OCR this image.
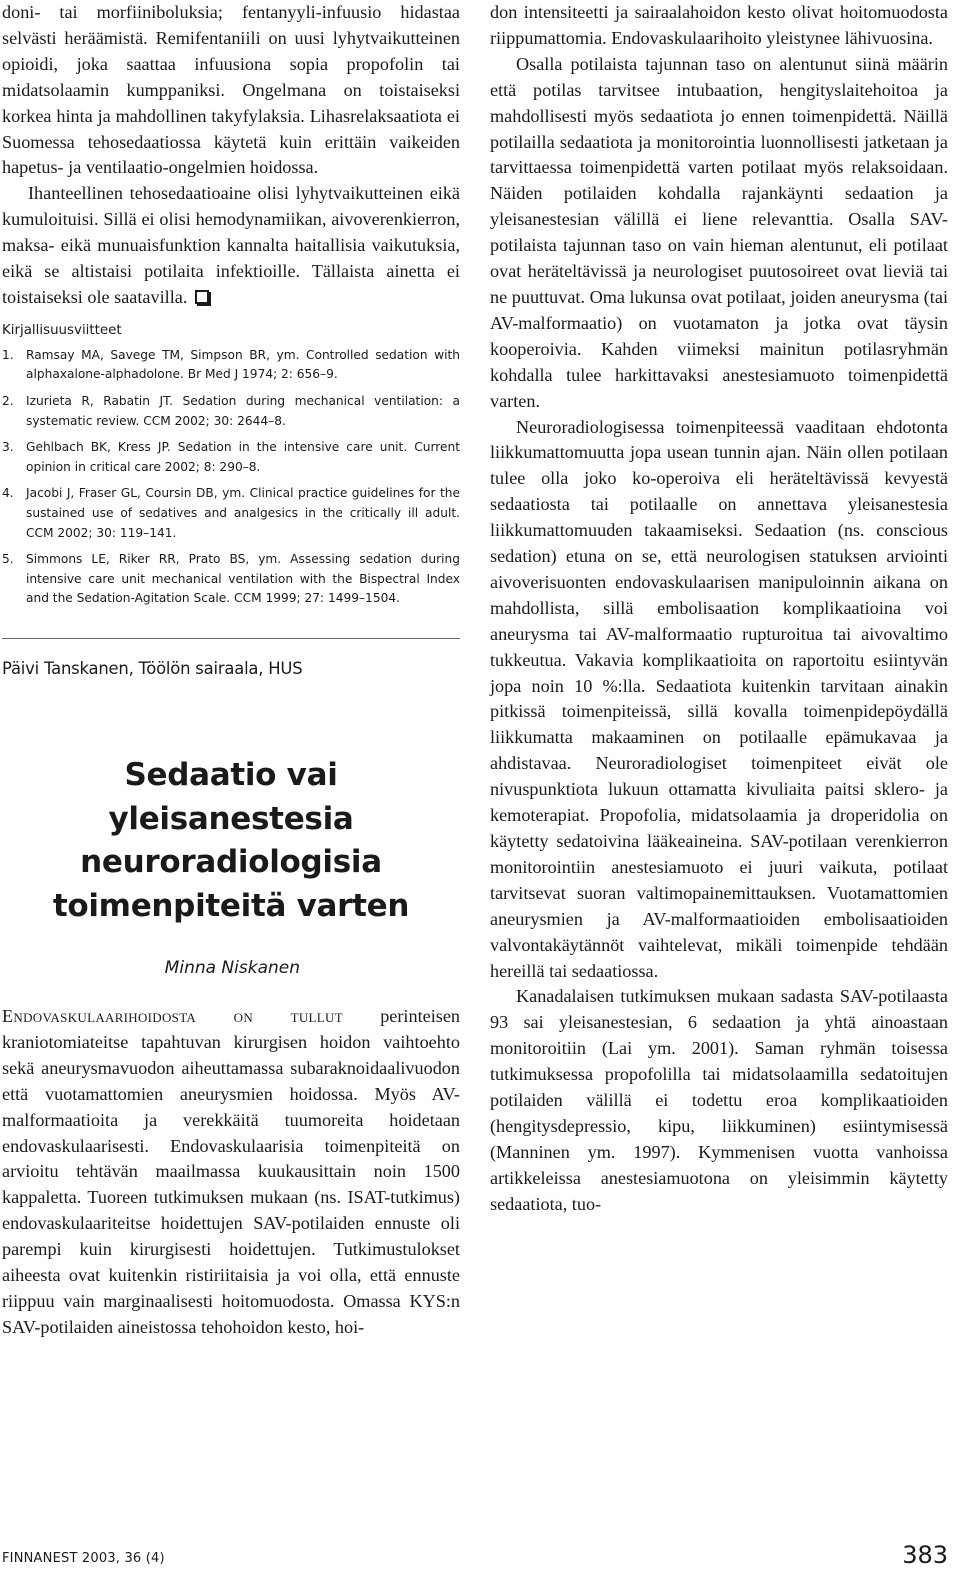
doni- tai morfiiniboluksia; fentanyyli-infuusio hidastaa selvästi heräämistä. Remifentaniili on uusi lyhytvaikutteinen opioidi, joka saattaa infuusiona sopia propofolin tai midatsolaamin kumppaniksi. Ongelmana on toistaiseksi korkea hinta ja mahdollinen takyfylaksia. Lihasrelaksaatiota ei Suomessa tehosedaatiossa käytetä kuin erittäin vaikeiden hapetus- ja ventilaatio-ongelmien hoidossa.

Ihanteellinen tehosedaatioaine olisi lyhytvaikutteinen eikä kumuloituisi. Sillä ei olisi hemodynamiikan, aivoverenkierron, maksa- eikä munuaisfunktion kannalta haitallisia vaikutuksia, eikä se altistaisi potilaita infektioille. Tällaista ainetta ei toistaiseksi ole saatavilla.

Kirjallisuusviitteet
1. Ramsay MA, Savege TM, Simpson BR, ym. Controlled sedation with alphaxalone-alphadolone. Br Med J 1974; 2: 656–9.
2. Izurieta R, Rabatin JT. Sedation during mechanical ventilation: a systematic review. CCM 2002; 30: 2644–8.
3. Gehlbach BK, Kress JP. Sedation in the intensive care unit. Current opinion in critical care 2002; 8: 290–8.
4. Jacobi J, Fraser GL, Coursin DB, ym. Clinical practice guidelines for the sustained use of sedatives and analgesics in the critically ill adult. CCM 2002; 30: 119–141.
5. Simmons LE, Riker RR, Prato BS, ym. Assessing sedation during intensive care unit mechanical ventilation with the Bispectral Index and the Sedation-Agitation Scale. CCM 1999; 27: 1499–1504.
Päivi Tanskanen, Töölön sairaala, HUS
Sedaatio vai yleisanestesia
neuroradiologisia
toimenpiteitä varten
Minna Niskanen

Endovaskulaarihoidosta on tullut perinteisen kraniotomiateitse tapahtuvan kirurgisen hoidon vaihtoehto sekä aneurysmavuodon aiheuttamassa subaraknoidaalivuodon että vuotamattomien aneurysmien hoidossa. Myös AV-malformaatioita ja verekkäitä tuumoreita hoidetaan endovaskulaarisesti. Endovaskulaarisia toimenpiteitä on arvioitu tehtävän maailmassa kuukausittain noin 1500 kappaletta. Tuoreen tutkimuksen mukaan (ns. ISAT-tutkimus) endovaskulaariteitse hoidettujen SAV-potilaiden ennuste oli parempi kuin kirurgisesti hoidettujen. Tutkimustulokset aiheesta ovat kuitenkin ristiriitaisia ja voi olla, että ennuste riippuu vain marginaalisesti hoitomuodosta. Omassa KYS:n SAV-potilaiden aineistossa tehohoidon kesto, hoi-

don intensiteetti ja sairaalahoidon kesto olivat hoitomuodosta riippumattomia. Endovaskulaarihoito yleistynee lähivuosina.

Osalla potilaista tajunnan taso on alentunut siinä määrin että potilas tarvitsee intubaation, hengityslaitehoitoa ja mahdollisesti myös sedaatiota jo ennen toimenpidettä. Näillä potilailla sedaatiota ja monitorointia luonnollisesti jatketaan ja tarvittaessa toimenpidettä varten potilaat myös relaksoidaan. Näiden potilaiden kohdalla rajankäynti sedaation ja yleisanestesian välillä ei liene relevanttia. Osalla SAV-potilaista tajunnan taso on vain hieman alentunut, eli potilaat ovat heräteltävissä ja neurologiset puutosoireet ovat lieviä tai ne puuttuvat. Oma lukunsa ovat potilaat, joiden aneurysma (tai AV-malformaatio) on vuotamaton ja jotka ovat täysin kooperoivia. Kahden viimeksi mainitun potilasryhmän kohdalla tulee harkittavaksi anestesiamuoto toimenpidettä varten.

Neuroradiologisessa toimenpiteessä vaaditaan ehdotonta liikkumattomuutta jopa usean tunnin ajan. Näin ollen potilaan tulee olla joko ko-operoiva eli heräteltävissä kevyestä sedaatiosta tai potilaalle on annettava yleisanestesia liikkumattomuuden takaamiseksi. Sedaation (ns. conscious sedation) etuna on se, että neurologisen statuksen arviointi aivoverisuonten endovaskulaarisen manipuloinnin aikana on mahdollista, sillä embolisaation komplikaatioina voi aneurysma tai AV-malformaatio rupturoitua tai aivovaltimo tukkeutua. Vakavia komplikaatioita on raportoitu esiintyvän jopa noin 10 %:lla. Sedaatiota kuitenkin tarvitaan ainakin pitkissä toimenpiteissä, sillä kovalla toimenpidepöydällä liikkumatta makaaminen on potilaalle epämukavaa ja ahdistavaa. Neuroradiologiset toimenpiteet eivät ole nivuspunktiota lukuun ottamatta kivuliaita paitsi sklero- ja kemoterapiat. Propofolia, midatsolaamia ja droperidolia on käytetty sedatoivina lääkeaineina. SAV-potilaan verenkierron monitorointiin anestesiamuoto ei juuri vaikuta, potilaat tarvitsevat suoran valtimopainemittauksen. Vuotamattomien aneurysmien ja AV-malformaatioiden embolisaatioiden valvontakäytännöt vaihtelevat, mikäli toimenpide tehdään hereillä tai sedaatiossa.

Kanadalaisen tutkimuksen mukaan sadasta SAV-potilaasta 93 sai yleisanestesian, 6 sedaation ja yhtä ainoastaan monitoroitiin (Lai ym. 2001). Saman ryhmän toisessa tutkimuksessa propofolilla tai midatsolaamilla sedatoitujen potilaiden välillä ei todettu eroa komplikaatioiden (hengitysdepressio, kipu, liikkuminen) esiintymisessä (Manninen ym. 1997). Kymmenisen vuotta vanhoissa artikkeleissa anestesiamuotona on yleisimmin käytetty sedaatiota, tuo-

FINNANEST 2003, 36 (4)	383
